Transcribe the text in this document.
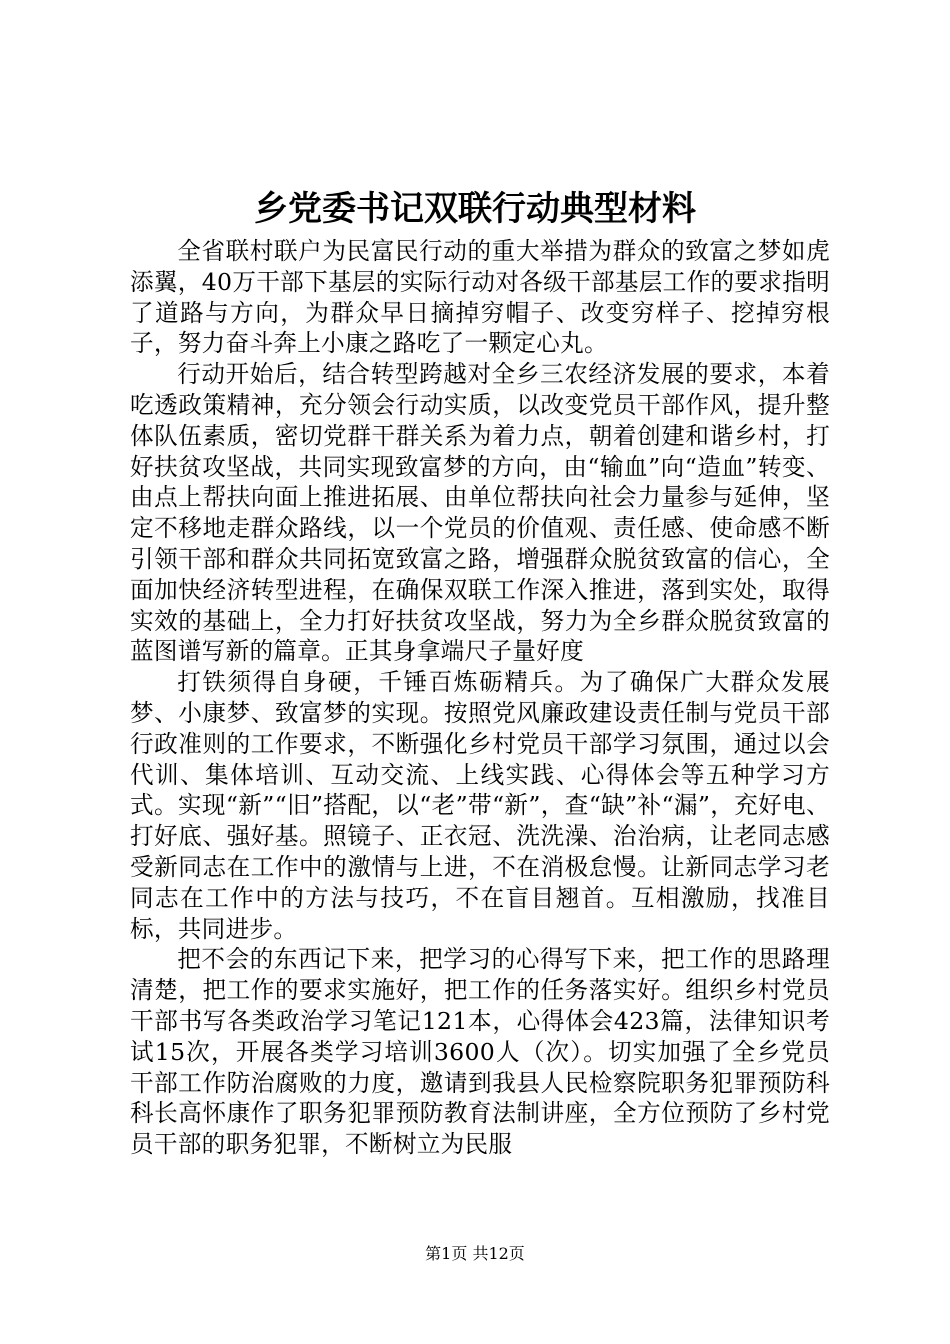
乡党委书记双联行动典型材料

全省联村联户为民富民行动的重大举措为群众的致富之梦如虎添翼，40万干部下基层的实际行动对各级干部基层工作的要求指明了道路与方向，为群众早日摘掉穷帽子、改变穷样子、挖掉穷根子，努力奋斗奔上小康之路吃了一颗定心丸。

行动开始后，结合转型跨越对全乡三农经济发展的要求，本着吃透政策精神，充分领会行动实质，以改变党员干部作风，提升整体队伍素质，密切党群干群关系为着力点，朝着创建和谐乡村，打好扶贫攻坚战，共同实现致富梦的方向，由“输血”向“造血”转变、由点上帮扶向面上推进拓展、由单位帮扶向社会力量参与延伸，坚定不移地走群众路线，以一个党员的价值观、责任感、使命感不断引领干部和群众共同拓宽致富之路，增强群众脱贫致富的信心，全面加快经济转型进程，在确保双联工作深入推进，落到实处，取得实效的基础上，全力打好扶贫攻坚战，努力为全乡群众脱贫致富的蓝图谱写新的篇章。正其身拿端尺子量好度

打铁须得自身硬，千锤百炼砺精兵。为了确保广大群众发展梦、小康梦、致富梦的实现。按照党风廉政建设责任制与党员干部行政准则的工作要求，不断强化乡村党员干部学习氛围，通过以会代训、集体培训、互动交流、上线实践、心得体会等五种学习方式。实现“新”“旧”搭配，以“老”带“新”，查“缺”补“漏”，充好电、打好底、强好基。照镜子、正衣冠、洗洗澡、治治病，让老同志感受新同志在工作中的激情与上进，不在消极怠慢。让新同志学习老同志在工作中的方法与技巧，不在盲目翘首。互相激励，找准目标，共同进步。

把不会的东西记下来，把学习的心得写下来，把工作的思路理清楚，把工作的要求实施好，把工作的任务落实好。组织乡村党员干部书写各类政治学习笔记121本，心得体会423篇，法律知识考试15次，开展各类学习培训3600人（次）。切实加强了全乡党员干部工作防治腐败的力度，邀请到我县人民检察院职务犯罪预防科科长高怀康作了职务犯罪预防教育法制讲座，全方位预防了乡村党员干部的职务犯罪，不断树立为民服

第1页 共12页
